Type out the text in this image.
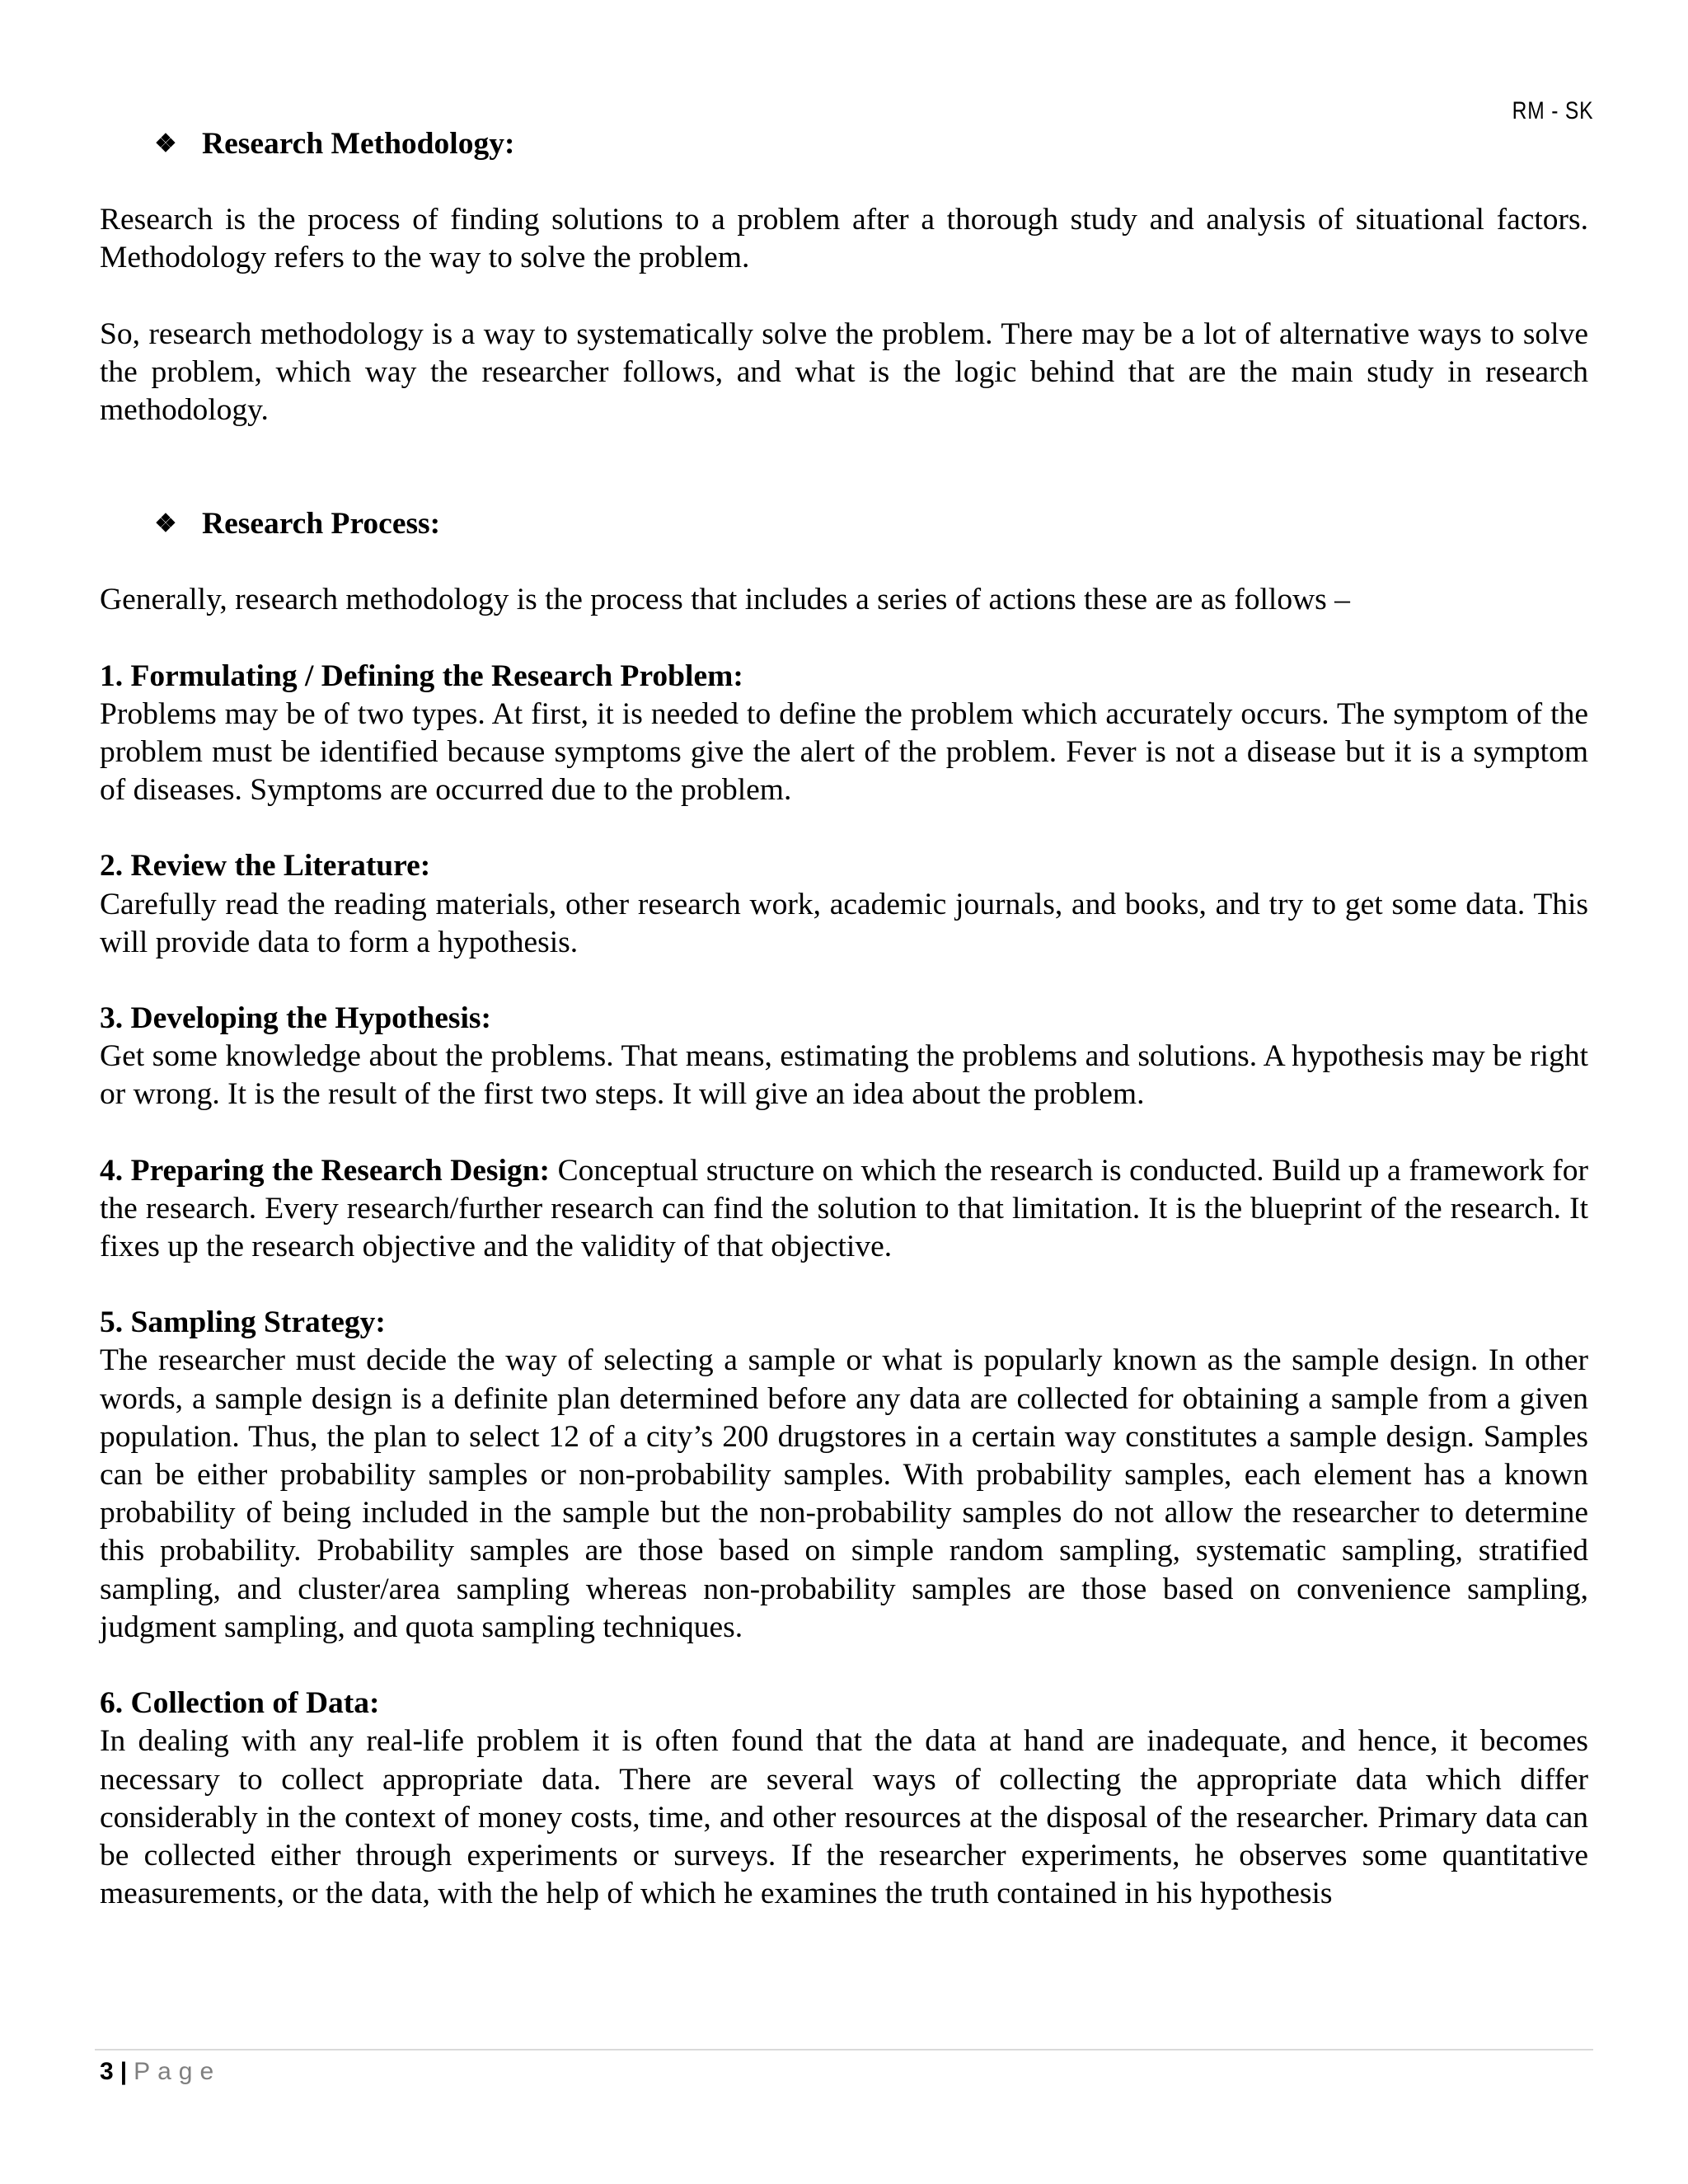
RM - SK
❖ Research Methodology:

Research is the process of finding solutions to a problem after a thorough study and analysis of situational factors. Methodology refers to the way to solve the problem.

So, research methodology is a way to systematically solve the problem. There may be a lot of alternative ways to solve the problem, which way the researcher follows, and what is the logic behind that are the main study in research methodology.

❖ Research Process:

Generally, research methodology is the process that includes a series of actions these are as follows –

1. Formulating / Defining the Research Problem:

Problems may be of two types. At first, it is needed to define the problem which accurately occurs. The symptom of the problem must be identified because symptoms give the alert of the problem. Fever is not a disease but it is a symptom of diseases. Symptoms are occurred due to the problem.

2. Review the Literature:

Carefully read the reading materials, other research work, academic journals, and books, and try to get some data. This will provide data to form a hypothesis.

3. Developing the Hypothesis:

Get some knowledge about the problems. That means, estimating the problems and solutions. A hypothesis may be right or wrong. It is the result of the first two steps. It will give an idea about the problem.

4. Preparing the Research Design: Conceptual structure on which the research is conducted. Build up a framework for the research. Every research/further research can find the solution to that limitation. It is the blueprint of the research. It fixes up the research objective and the validity of that objective.

5. Sampling Strategy:

The researcher must decide the way of selecting a sample or what is popularly known as the sample design. In other words, a sample design is a definite plan determined before any data are collected for obtaining a sample from a given population. Thus, the plan to select 12 of a city’s 200 drugstores in a certain way constitutes a sample design. Samples can be either probability samples or non-probability samples. With probability samples, each element has a known probability of being included in the sample but the non-probability samples do not allow the researcher to determine this probability. Probability samples are those based on simple random sampling, systematic sampling, stratified sampling, and cluster/area sampling whereas non-probability samples are those based on convenience sampling, judgment sampling, and quota sampling techniques.

6. Collection of Data:

In dealing with any real-life problem it is often found that the data at hand are inadequate, and hence, it becomes necessary to collect appropriate data. There are several ways of collecting the appropriate data which differ considerably in the context of money costs, time, and other resources at the disposal of the researcher. Primary data can be collected either through experiments or surveys. If the researcher experiments, he observes some quantitative measurements, or the data, with the help of which he examines the truth contained in his hypothesis

3 | Page
